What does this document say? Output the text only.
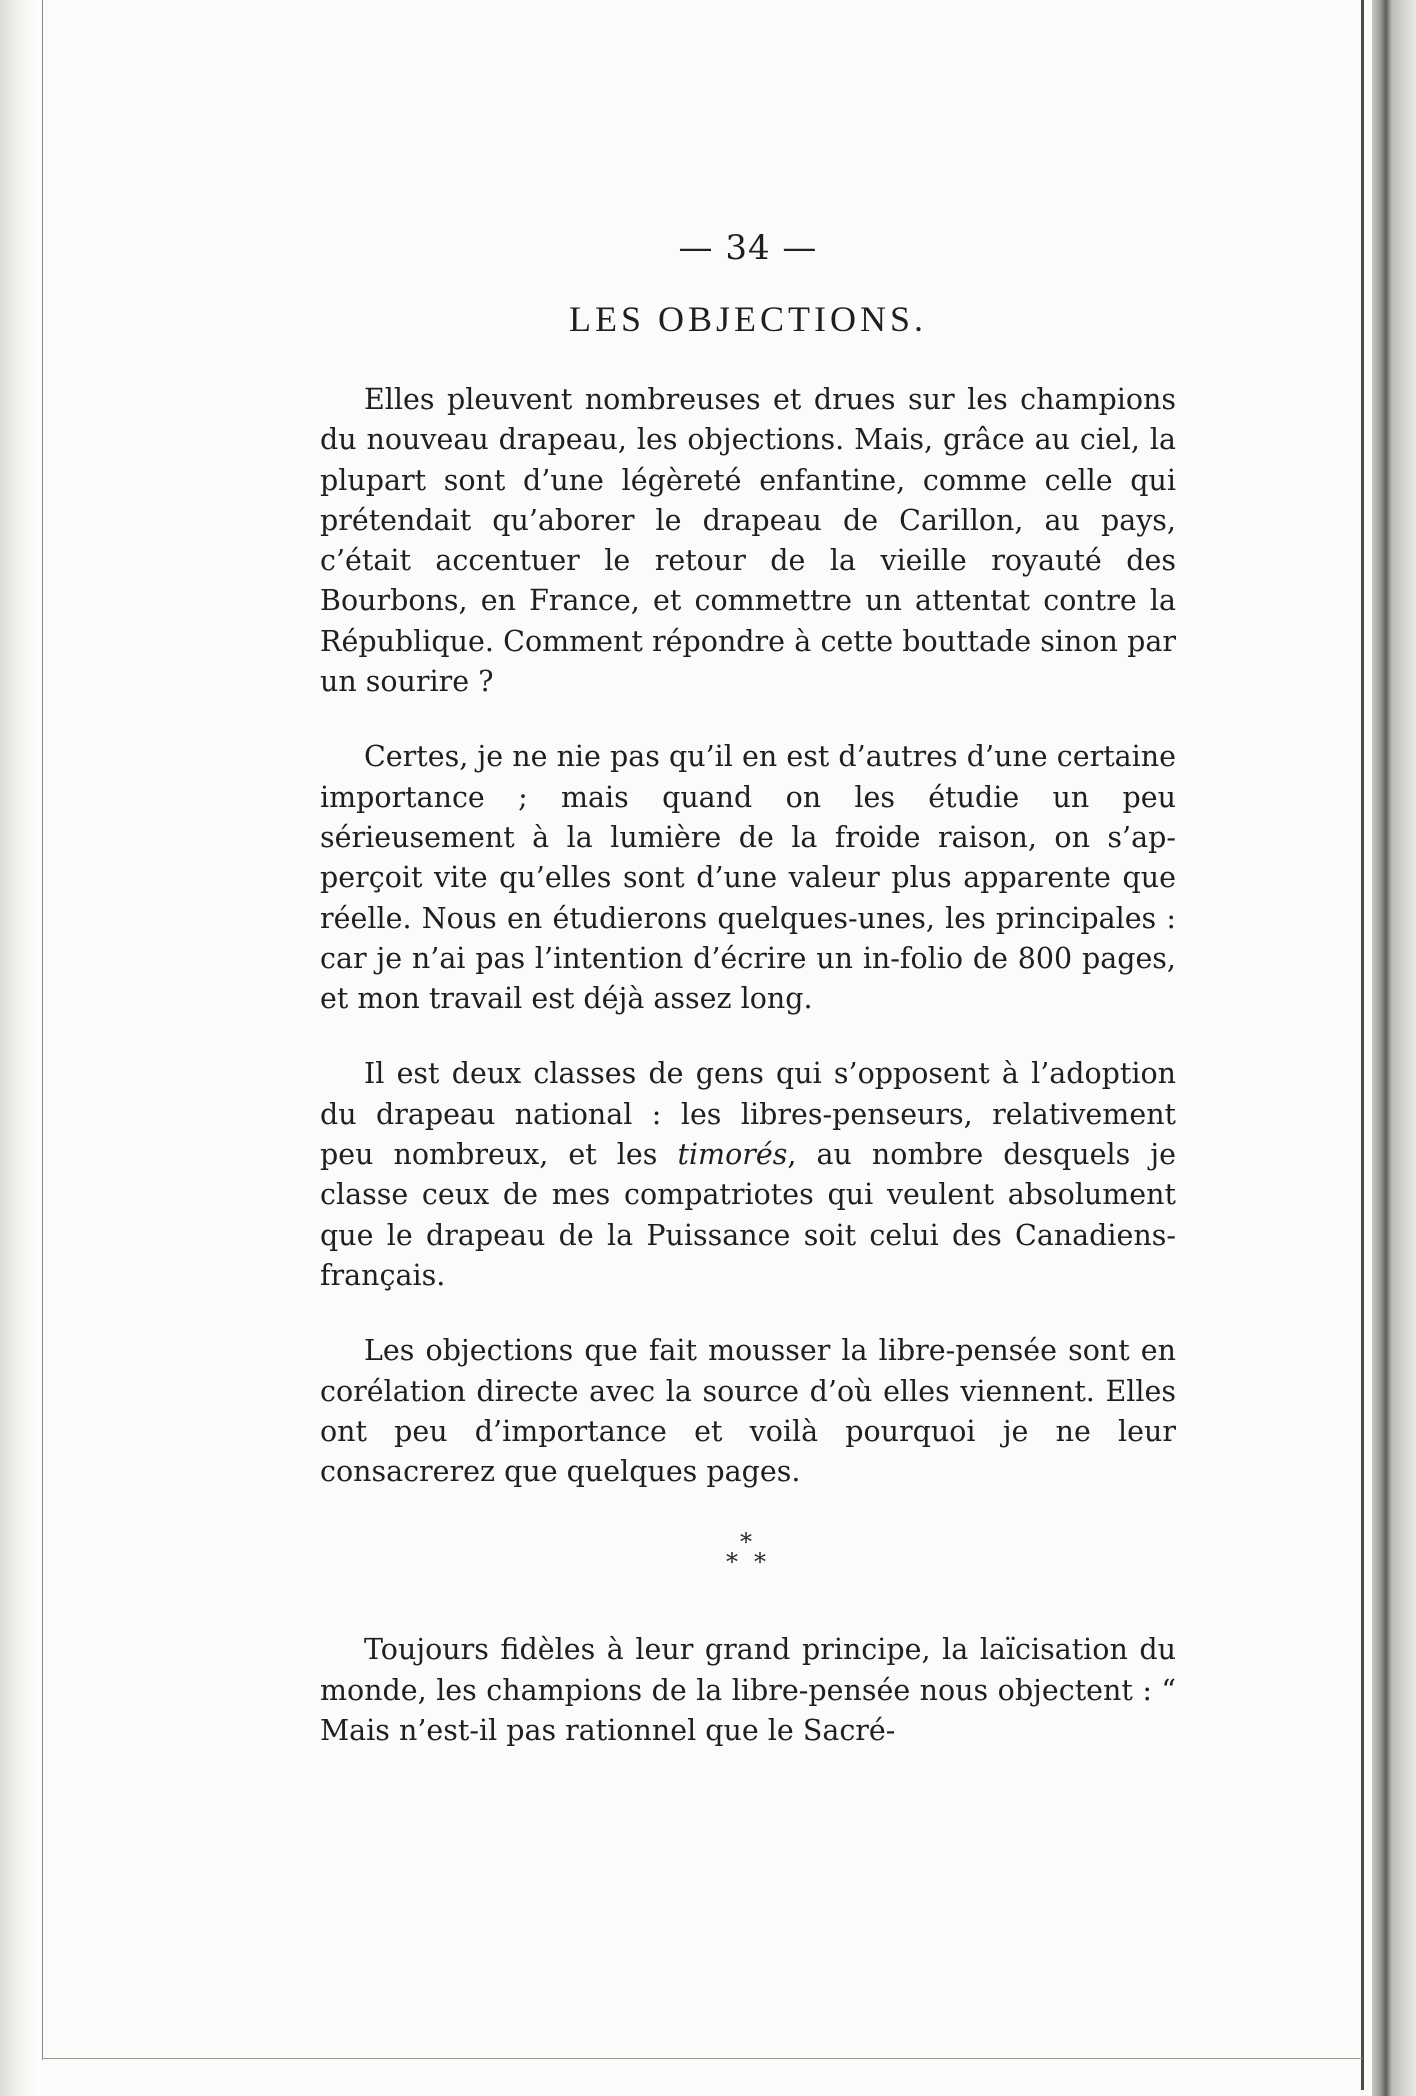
— 34 —

LES OBJECTIONS.

Elles pleuvent nombreuses et drues sur les champions du nouveau drapeau, les objections. Mais, grâce au ciel, la plupart sont d’une légèreté enfantine, comme celle qui prétendait qu’aborer le drapeau de Carillon, au pays, c’était accentuer le retour de la vieille royauté des Bourbons, en France, et commettre un attentat contre la République. Comment répondre à cette bouttade sinon par un sourire ?

Certes, je ne nie pas qu’il en est d’autres d’une certaine importance ; mais quand on les étudie un peu sérieusement à la lumière de la froide raison, on s’apperçoit vite qu’elles sont d’une valeur plus apparente que réelle. Nous en étudierons quelques-unes, les principales : car je n’ai pas l’intention d’écrire un in-folio de 800 pages, et mon travail est déjà assez long.

Il est deux classes de gens qui s’opposent à l’adoption du drapeau national : les libres-penseurs, relativement peu nombreux, et les timorés, au nombre desquels je classe ceux de mes compatriotes qui veulent absolument que le drapeau de la Puissance soit celui des Canadiens-français.

Les objections que fait mousser la libre-pensée sont en corélation directe avec la source d’où elles viennent. Elles ont peu d’importance et voilà pourquoi je ne leur consacrerez que quelques pages.

*
* *

Toujours fidèles à leur grand principe, la laïcisation du monde, les champions de la libre-pensée nous objectent : “ Mais n’est-il pas rationnel que le Sacré-
